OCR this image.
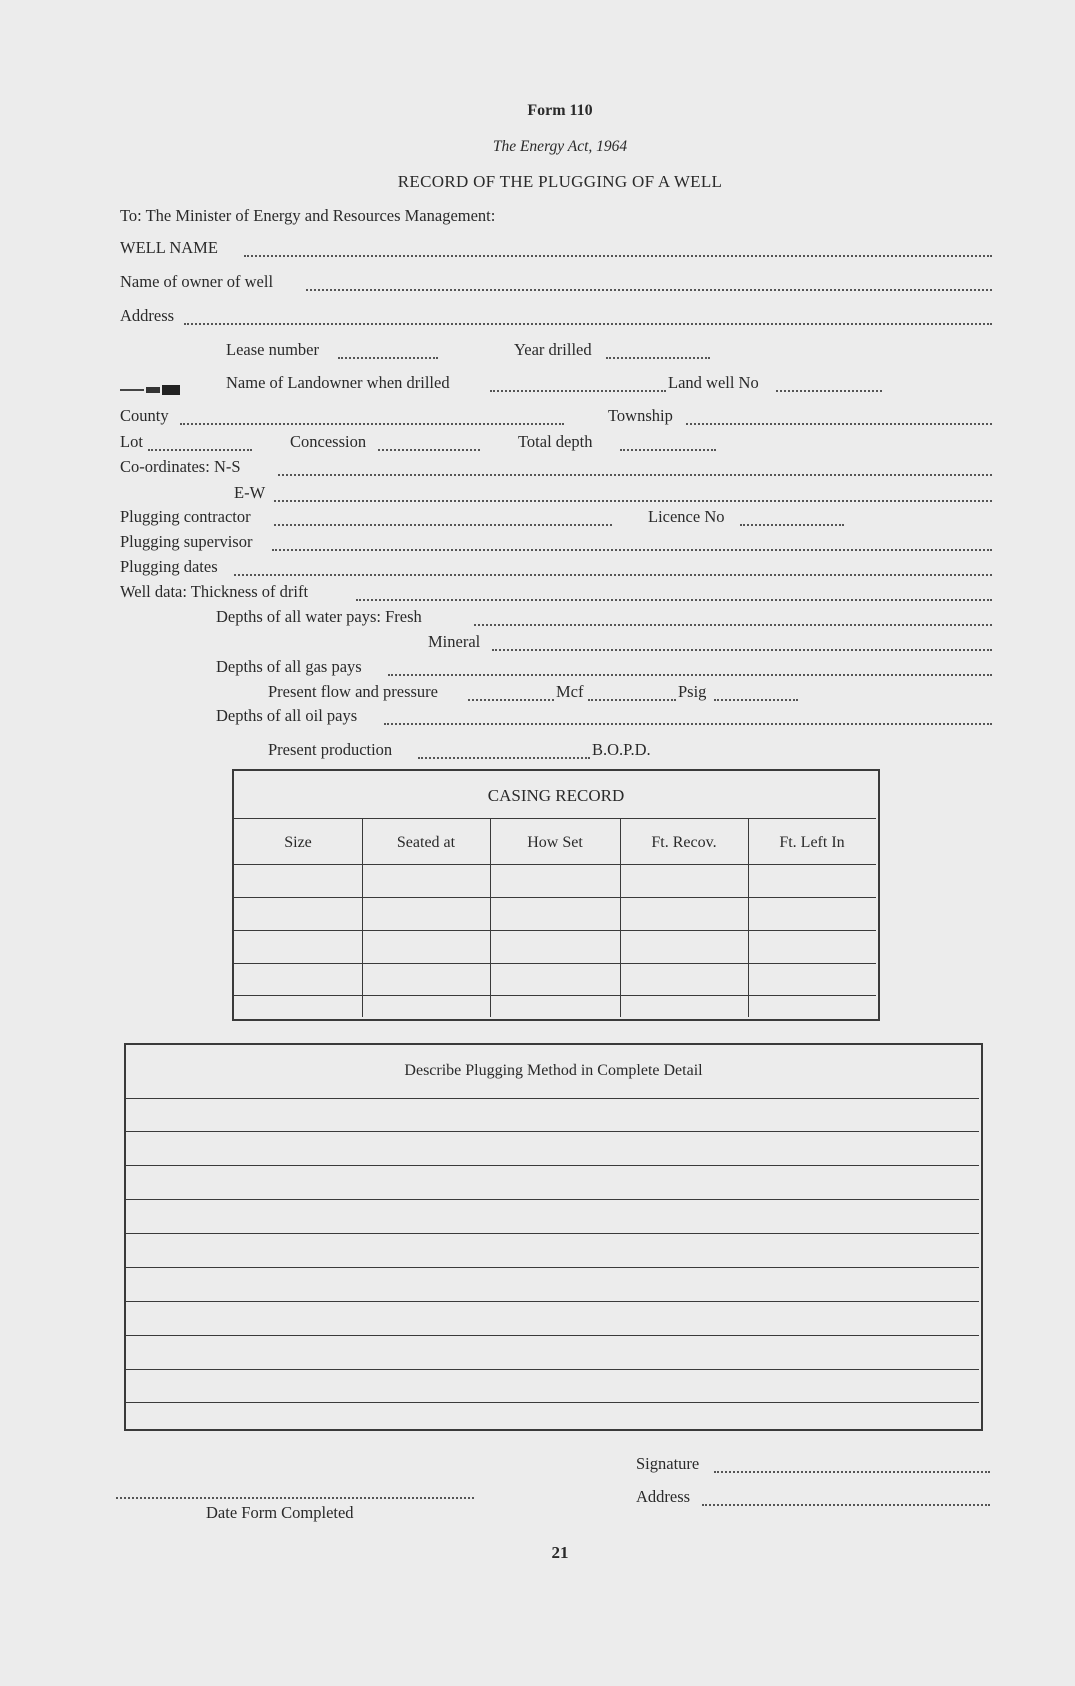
Form 110
The Energy Act, 1964
RECORD OF THE PLUGGING OF A WELL
To: The Minister of Energy and Resources Management:
WELL NAME
Name of owner of well
Address
Lease number	Year drilled
Name of Landowner when drilled	Land well No
County	Township
Lot	Concession	Total depth
Co-ordinates: N-S
E-W
Plugging contractor	Licence No
Plugging supervisor
Plugging dates
Well data: Thickness of drift
Depths of all water pays: Fresh
Mineral
Depths of all gas pays
Present flow and pressure	Mcf	Psig
Depths of all oil pays
Present production	B.O.P.D.
CASING RECORD
Size	Seated at	How Set	Ft. Recov.	Ft. Left In
Describe Plugging Method in Complete Detail
Signature
Address
Date Form Completed
21
